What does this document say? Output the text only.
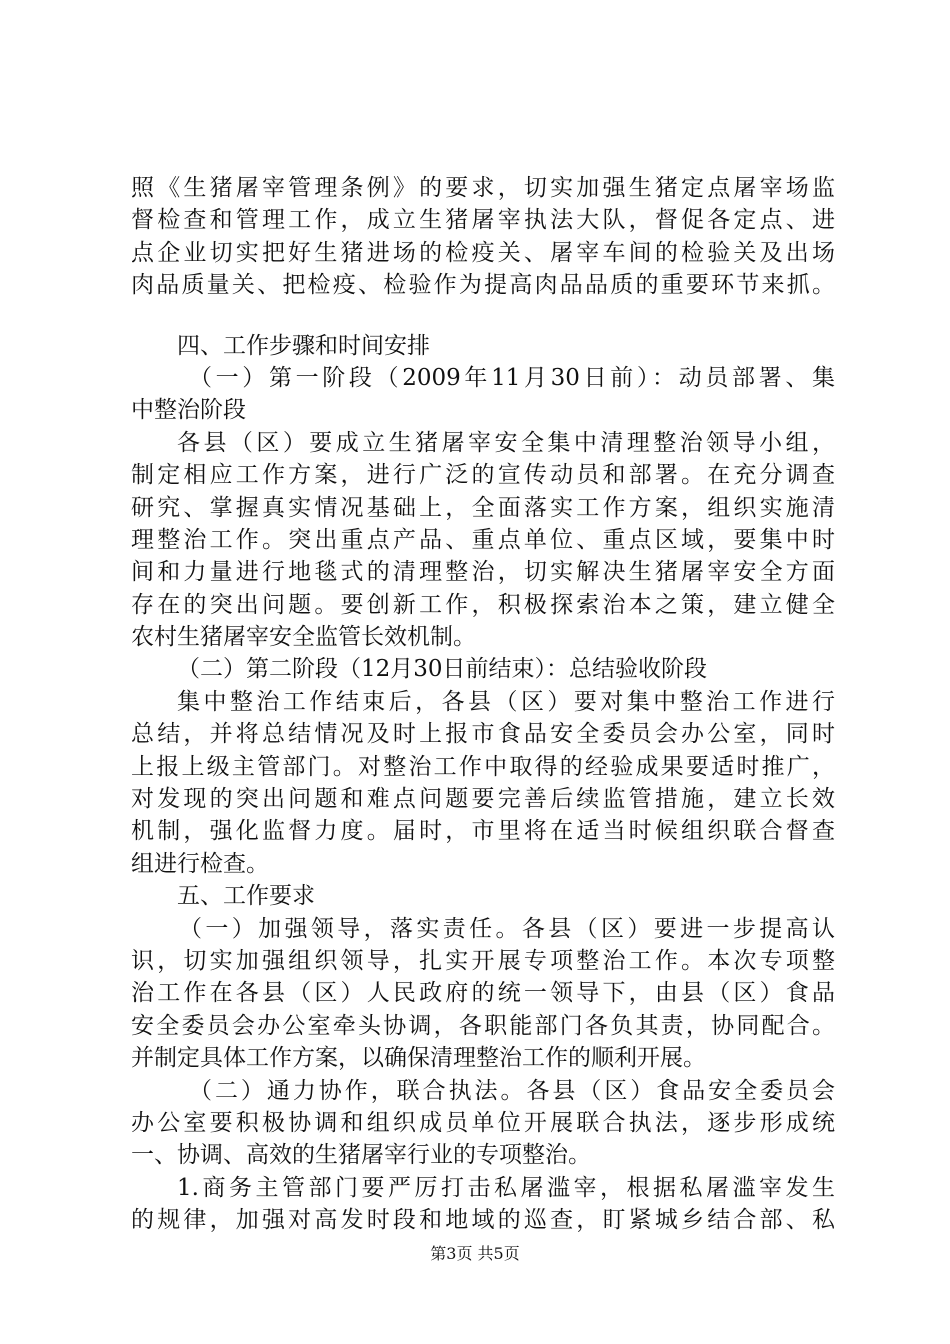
照《生猪屠宰管理条例》的要求，切实加强生猪定点屠宰场监
督检查和管理工作，成立生猪屠宰执法大队，督促各定点、进
点企业切实把好生猪进场的检疫关、屠宰车间的检验关及出场
肉品质量关、把检疫、检验作为提高肉品品质的重要环节来抓。
四、工作步骤和时间安排
（一）第一阶段（2009年11月30日前）：动员部署、集
中整治阶段
各县（区）要成立生猪屠宰安全集中清理整治领导小组，
制定相应工作方案，进行广泛的宣传动员和部署。在充分调查
研究、掌握真实情况基础上，全面落实工作方案，组织实施清
理整治工作。突出重点产品、重点单位、重点区域，要集中时
间和力量进行地毯式的清理整治，切实解决生猪屠宰安全方面
存在的突出问题。要创新工作，积极探索治本之策，建立健全
农村生猪屠宰安全监管长效机制。
（二）第二阶段（12月30日前结束）：总结验收阶段
集中整治工作结束后，各县（区）要对集中整治工作进行
总结，并将总结情况及时上报市食品安全委员会办公室，同时
上报上级主管部门。对整治工作中取得的经验成果要适时推广，
对发现的突出问题和难点问题要完善后续监管措施，建立长效
机制，强化监督力度。届时，市里将在适当时候组织联合督查
组进行检查。
五、工作要求
（一）加强领导，落实责任。各县（区）要进一步提高认
识，切实加强组织领导，扎实开展专项整治工作。本次专项整
治工作在各县（区）人民政府的统一领导下，由县（区）食品
安全委员会办公室牵头协调，各职能部门各负其责，协同配合。
并制定具体工作方案，以确保清理整治工作的顺利开展。
（二）通力协作，联合执法。各县（区）食品安全委员会
办公室要积极协调和组织成员单位开展联合执法，逐步形成统
一、协调、高效的生猪屠宰行业的专项整治。
1.商务主管部门要严厉打击私屠滥宰，根据私屠滥宰发生
的规律，加强对高发时段和地域的巡查，盯紧城乡结合部、私
第3页 共5页
